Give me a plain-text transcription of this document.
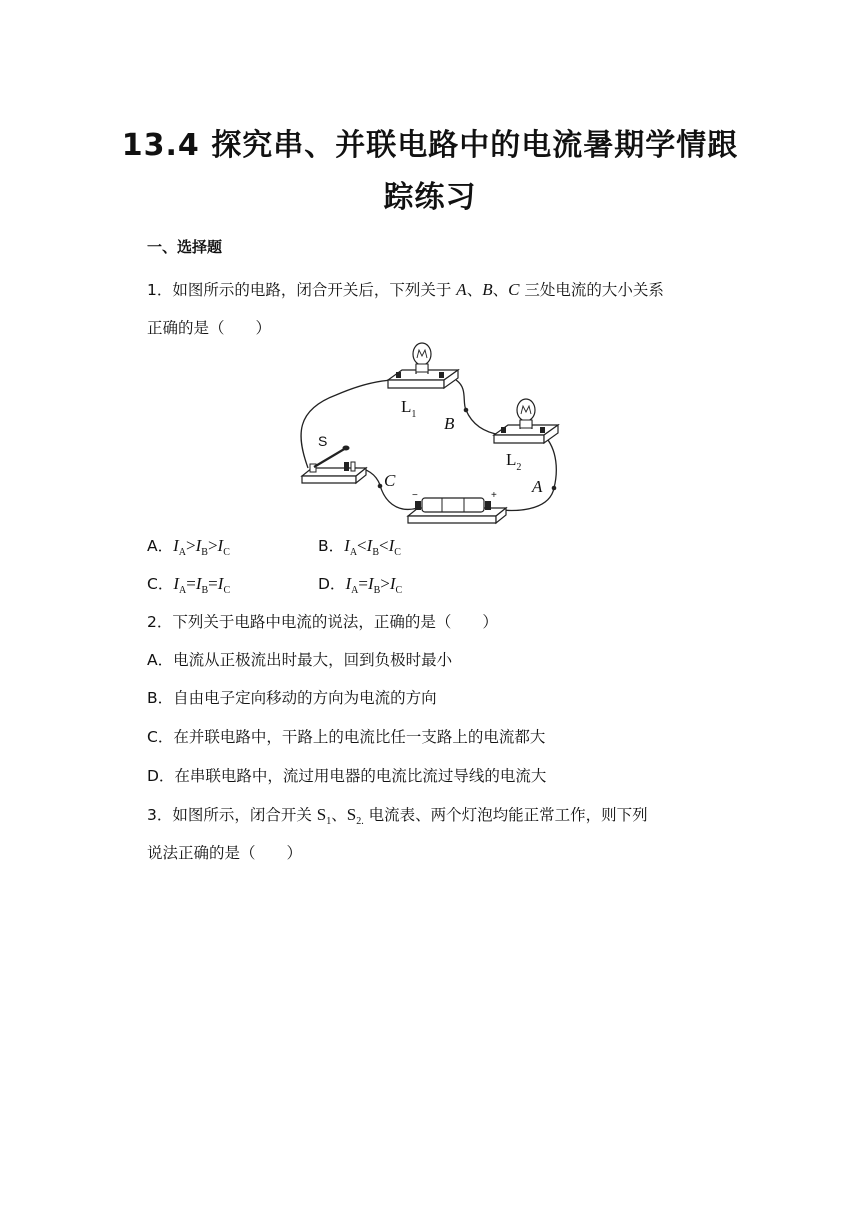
13.4 探究串、并联电路中的电流暑期学情跟
踪练习
一、选择题
1．如图所示的电路，闭合开关后，下列关于 A、B、C 三处电流的大小关系
正确的是（　　）
$L_1$ B
$L_2$
A
S
C
−	+
A．$I_A>I_B>I_C$	B．$I_A<I_B<I_C$
C．$I_A=I_B=I_C$	D．$I_A=I_B>I_C$
2．下列关于电路中电流的说法，正确的是（　　）
A．电流从正极流出时最大，回到负极时最小
B．自由电子定向移动的方向为电流的方向
C．在并联电路中，干路上的电流比任一支路上的电流都大
D．在串联电路中，流过用电器的电流比流过导线的电流大
3．如图所示，闭合开关 $S_1$、$S_{2.}$ 电流表、两个灯泡均能正常工作，则下列
说法正确的是（　　）
